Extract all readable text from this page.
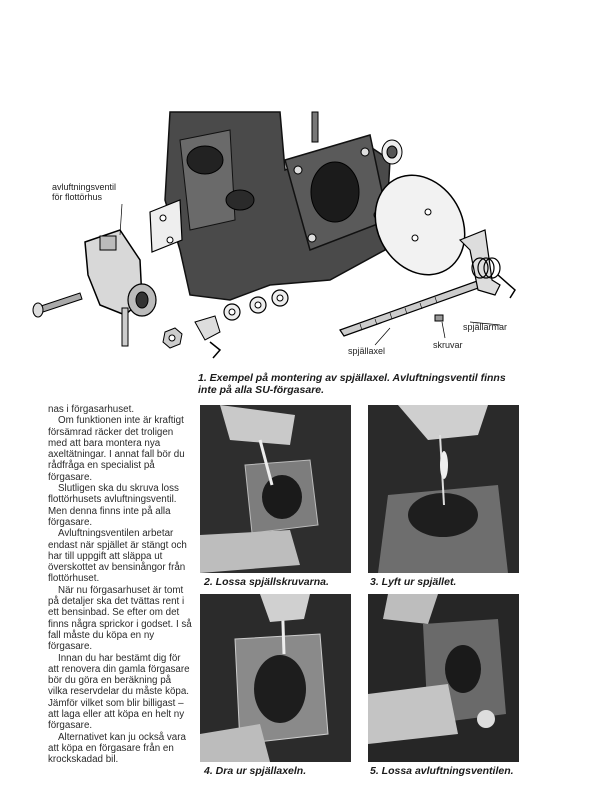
avluftningsventil
för flottörhus
spjällarmar
skruvar
spjällaxel
1. Exempel på montering av spjällaxel. Avluftningsventil finns
inte på alla SU-förgasare.

nas i förgasarhuset.

Om funktionen inte är kraftigt försämrad räcker det troligen med att bara montera nya axeltätningar. I annat fall bör du rådfråga en specialist på förgasare.

Slutligen ska du skruva loss flottörhusets avluftningsventil. Men denna finns inte på alla förgasare.

Avluftningsventilen arbetar endast när spjället är stängt och har till uppgift att släppa ut överskottet av bensinångor från flottörhuset.

När nu förgasarhuset är tomt på detaljer ska det tvättas rent i ett bensinbad. Se efter om det finns några sprickor i godset. I så fall måste du köpa en ny förgasare.

Innan du har bestämt dig för att renovera din gamla förgasare bör du göra en beräkning på vilka reservdelar du måste köpa. Jämför vilket som blir billigast – att laga eller att köpa en helt ny förgasare.

Alternativet kan ju också vara att köpa en förgasare från en krockskadad bil.

2. Lossa spjällskruvarna.	3. Lyft ur spjället.
4. Dra ur spjällaxeln.	5. Lossa avluftningsventilen.
